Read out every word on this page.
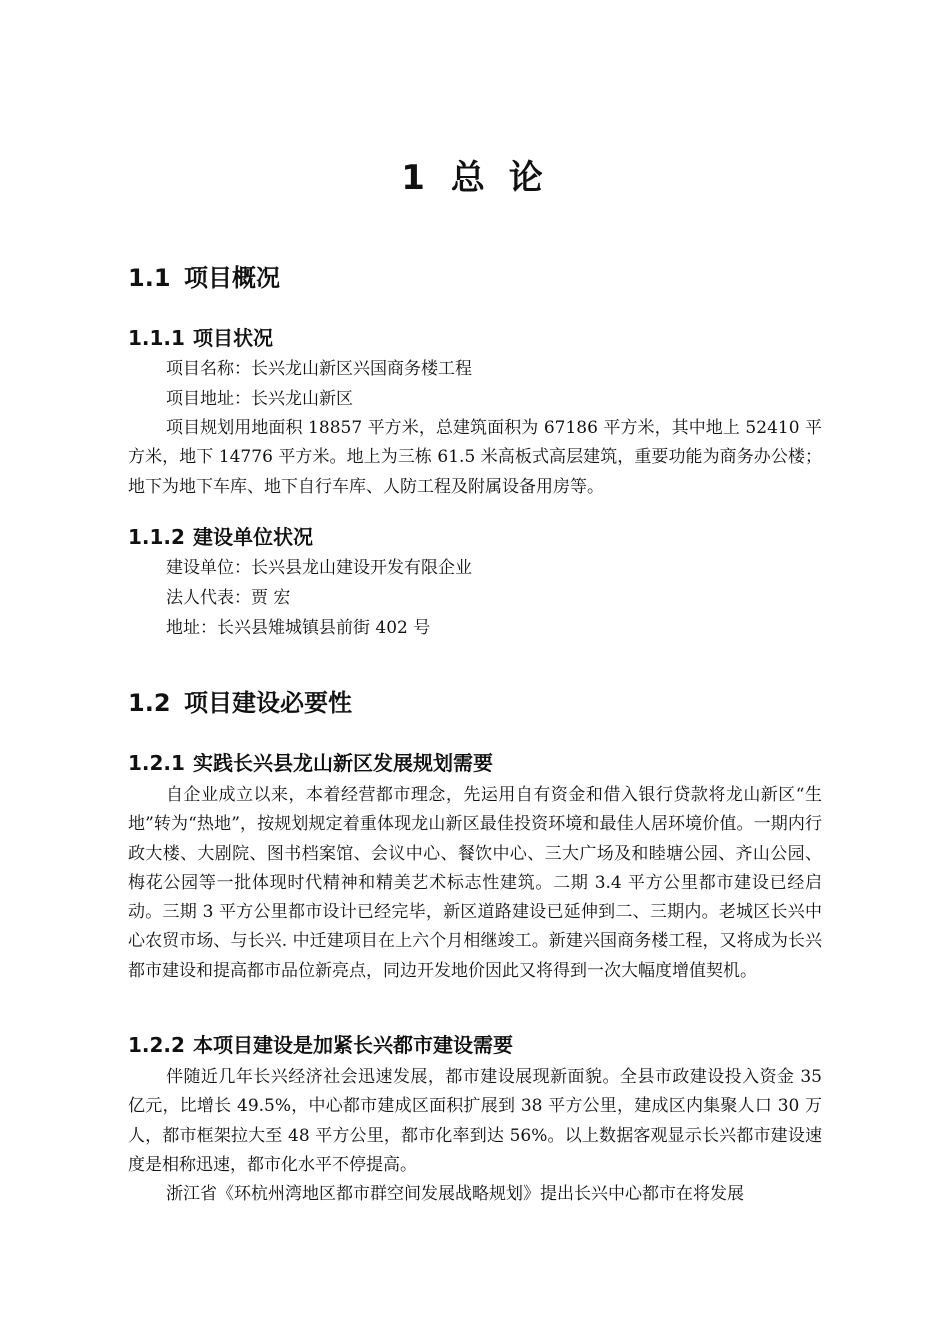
1 总 论
1.1 项目概况
1.1.1 项目状况
项目名称：长兴龙山新区兴国商务楼工程
项目地址：长兴龙山新区
项目规划用地面积 18857 平方米，总建筑面积为 67186 平方米，其中地上 52410 平方米，地下 14776 平方米。地上为三栋 61.5 米高板式高层建筑，重要功能为商务办公楼；地下为地下车库、地下自行车库、人防工程及附属设备用房等。
1.1.2 建设单位状况
建设单位：长兴县龙山建设开发有限企业
法人代表：贾 宏
地址：长兴县雉城镇县前街 402 号
1.2 项目建设必要性
1.2.1 实践长兴县龙山新区发展规划需要
自企业成立以来，本着经营都市理念，先运用自有资金和借入银行贷款将龙山新区“生地”转为“热地”，按规划规定着重体现龙山新区最佳投资环境和最佳人居环境价值。一期内行政大楼、大剧院、图书档案馆、会议中心、餐饮中心、三大广场及和睦塘公园、齐山公园、梅花公园等一批体现时代精神和精美艺术标志性建筑。二期 3.4 平方公里都市建设已经启动。三期 3 平方公里都市设计已经完毕，新区道路建设已延伸到二、三期内。老城区长兴中心农贸市场、与长兴. 中迁建项目在上六个月相继竣工。新建兴国商务楼工程，又将成为长兴都市建设和提高都市品位新亮点，同边开发地价因此又将得到一次大幅度增值契机。
1.2.2 本项目建设是加紧长兴都市建设需要
伴随近几年长兴经济社会迅速发展，都市建设展现新面貌。全县市政建设投入资金 35 亿元，比增长 49.5%，中心都市建成区面积扩展到 38 平方公里，建成区内集聚人口 30 万人，都市框架拉大至 48 平方公里，都市化率到达 56%。以上数据客观显示长兴都市建设速度是相称迅速，都市化水平不停提高。
浙江省《环杭州湾地区都市群空间发展战略规划》提出长兴中心都市在将发展
